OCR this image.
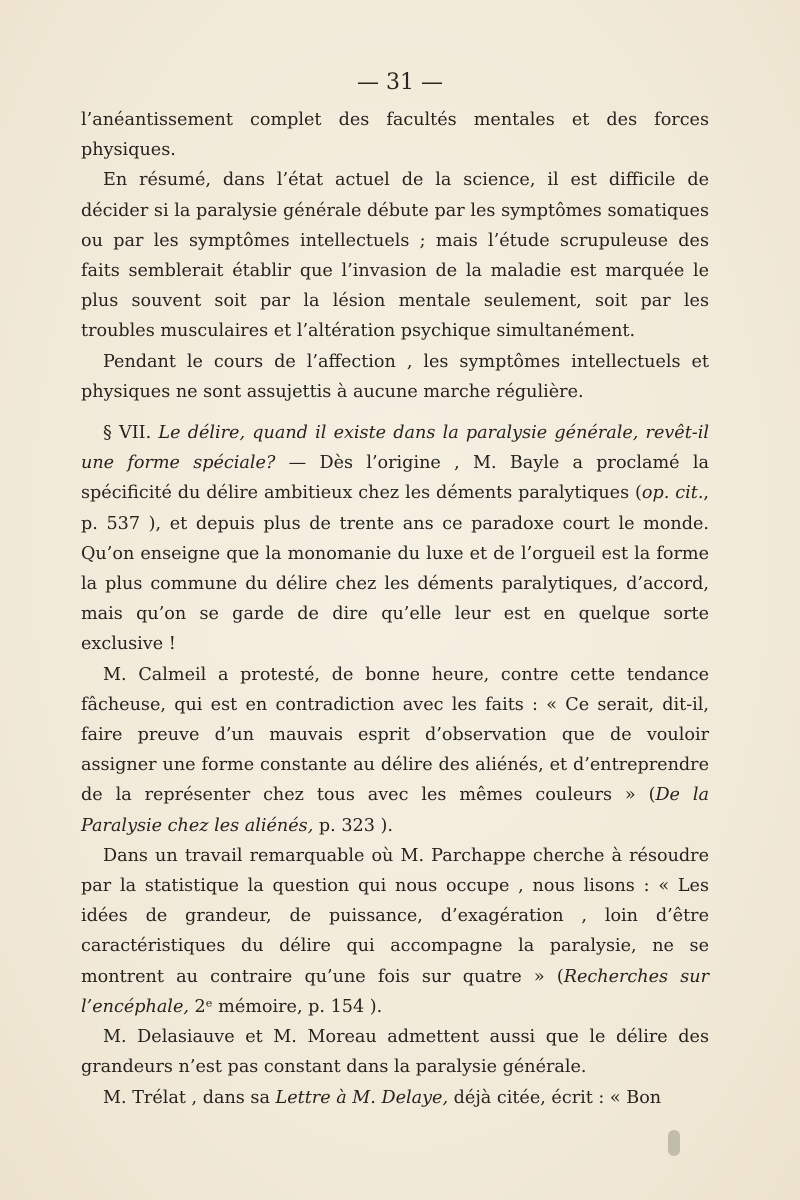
— 31 —

l’anéantissement complet des facultés mentales et des forces physiques.

En résumé, dans l’état actuel de la science, il est difficile de décider si la paralysie générale débute par les symptômes somatiques ou par les symptômes intellectuels ; mais l’étude scrupuleuse des faits semblerait établir que l’invasion de la maladie est marquée le plus souvent soit par la lésion mentale seulement, soit par les troubles musculaires et l’altération psychique simultanément.

Pendant le cours de l’affection , les symptômes intellectuels et physiques ne sont assujettis à aucune marche régulière.

§ VII. Le délire, quand il existe dans la paralysie générale, revêt-il une forme spéciale? — Dès l’origine , M. Bayle a proclamé la spécificité du délire ambitieux chez les déments paralytiques (op. cit., p. 537 ), et depuis plus de trente ans ce paradoxe court le monde. Qu’on enseigne que la monomanie du luxe et de l’orgueil est la forme la plus commune du délire chez les déments paralytiques, d’accord, mais qu’on se garde de dire qu’elle leur est en quelque sorte exclusive !

M. Calmeil a protesté, de bonne heure, contre cette tendance fâcheuse, qui est en contradiction avec les faits : « Ce serait, dit-il, faire preuve d’un mauvais esprit d’observation que de vouloir assigner une forme constante au délire des aliénés, et d’entreprendre de la représenter chez tous avec les mêmes couleurs » (De la Paralysie chez les aliénés, p. 323 ).

Dans un travail remarquable où M. Parchappe cherche à résoudre par la statistique la question qui nous occupe , nous lisons : « Les idées de grandeur, de puissance, d’exagération , loin d’être caractéristiques du délire qui accompagne la paralysie, ne se montrent au contraire qu’une fois sur quatre » (Recherches sur l’encéphale, 2ᵉ mémoire, p. 154 ).

M. Delasiauve et M. Moreau admettent aussi que le délire des grandeurs n’est pas constant dans la paralysie générale.

M. Trélat , dans sa Lettre à M. Delaye, déjà citée, écrit : « Bon
